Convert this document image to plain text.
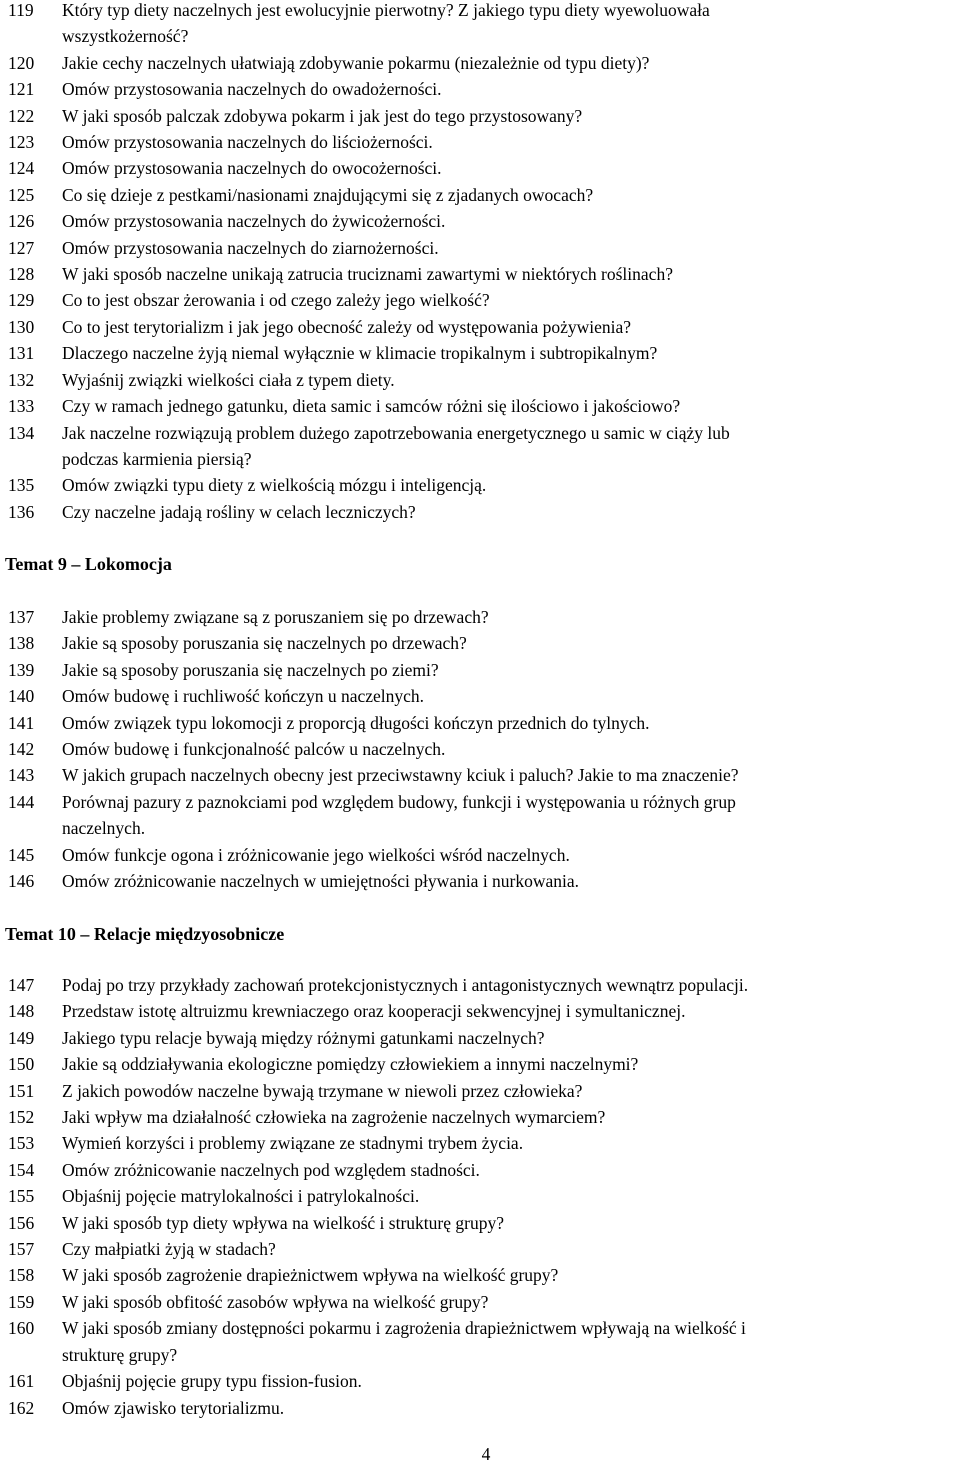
119	Który typ diety naczelnych jest ewolucyjnie pierwotny? Z jakiego typu diety wyewoluowała
wszystkożerność?
120	Jakie cechy naczelnych ułatwiają zdobywanie pokarmu (niezależnie od typu diety)?
121	Omów przystosowania naczelnych do owadożerności.
122	W jaki sposób palczak zdobywa pokarm i jak jest do tego przystosowany?
123	Omów przystosowania naczelnych do liściożerności.
124	Omów przystosowania naczelnych do owocożerności.
125	Co się dzieje z pestkami/nasionami znajdującymi się z zjadanych owocach?
126	Omów przystosowania naczelnych do żywicożerności.
127	Omów przystosowania naczelnych do ziarnożerności.
128	W jaki sposób naczelne unikają zatrucia truciznami zawartymi w niektórych roślinach?
129	Co to jest obszar żerowania i od czego zależy jego wielkość?
130	Co to jest terytorializm i jak jego obecność zależy od występowania pożywienia?
131	Dlaczego naczelne żyją niemal wyłącznie w klimacie tropikalnym i subtropikalnym?
132	Wyjaśnij związki wielkości ciała z typem diety.
133	Czy w ramach jednego gatunku, dieta samic i samców różni się ilościowo i jakościowo?
134	Jak naczelne rozwiązują problem dużego zapotrzebowania energetycznego u samic w ciąży lub
podczas karmienia piersią?
135	Omów związki typu diety z wielkością mózgu i inteligencją.
136	Czy naczelne jadają rośliny w celach leczniczych?
Temat 9 – Lokomocja
137	Jakie problemy związane są z poruszaniem się po drzewach?
138	Jakie są sposoby poruszania się naczelnych po drzewach?
139	Jakie są sposoby poruszania się naczelnych po ziemi?
140	Omów budowę i ruchliwość kończyn u naczelnych.
141	Omów związek typu lokomocji z proporcją długości kończyn przednich do tylnych.
142	Omów budowę i funkcjonalność palców u naczelnych.
143	W jakich grupach naczelnych obecny jest przeciwstawny kciuk i paluch? Jakie to ma znaczenie?
144	Porównaj pazury z paznokciami pod względem budowy, funkcji i występowania u różnych grup
naczelnych.
145	Omów funkcje ogona i zróżnicowanie jego wielkości wśród naczelnych.
146	Omów zróżnicowanie naczelnych w umiejętności pływania i nurkowania.
Temat 10 – Relacje międzyosobnicze
147	Podaj po trzy przykłady zachowań protekcjonistycznych i antagonistycznych wewnątrz populacji.
148	Przedstaw istotę altruizmu krewniaczego oraz kooperacji sekwencyjnej i symultanicznej.
149	Jakiego typu relacje bywają między różnymi gatunkami naczelnych?
150	Jakie są oddziaływania ekologiczne pomiędzy człowiekiem a innymi naczelnymi?
151	Z jakich powodów naczelne bywają trzymane w niewoli przez człowieka?
152	Jaki wpływ ma działalność człowieka na zagrożenie naczelnych wymarciem?
153	Wymień korzyści i problemy związane ze stadnymi trybem życia.
154	Omów zróżnicowanie naczelnych pod względem stadności.
155	Objaśnij pojęcie matrylokalności i patrylokalności.
156	W jaki sposób typ diety wpływa na wielkość i strukturę grupy?
157	Czy małpiatki żyją w stadach?
158	W jaki sposób zagrożenie drapieżnictwem wpływa na wielkość grupy?
159	W jaki sposób obfitość zasobów wpływa na wielkość grupy?
160	W jaki sposób zmiany dostępności pokarmu i zagrożenia drapieżnictwem wpływają na wielkość i
strukturę grupy?
161	Objaśnij pojęcie grupy typu fission-fusion.
162	Omów zjawisko terytorializmu.
4
